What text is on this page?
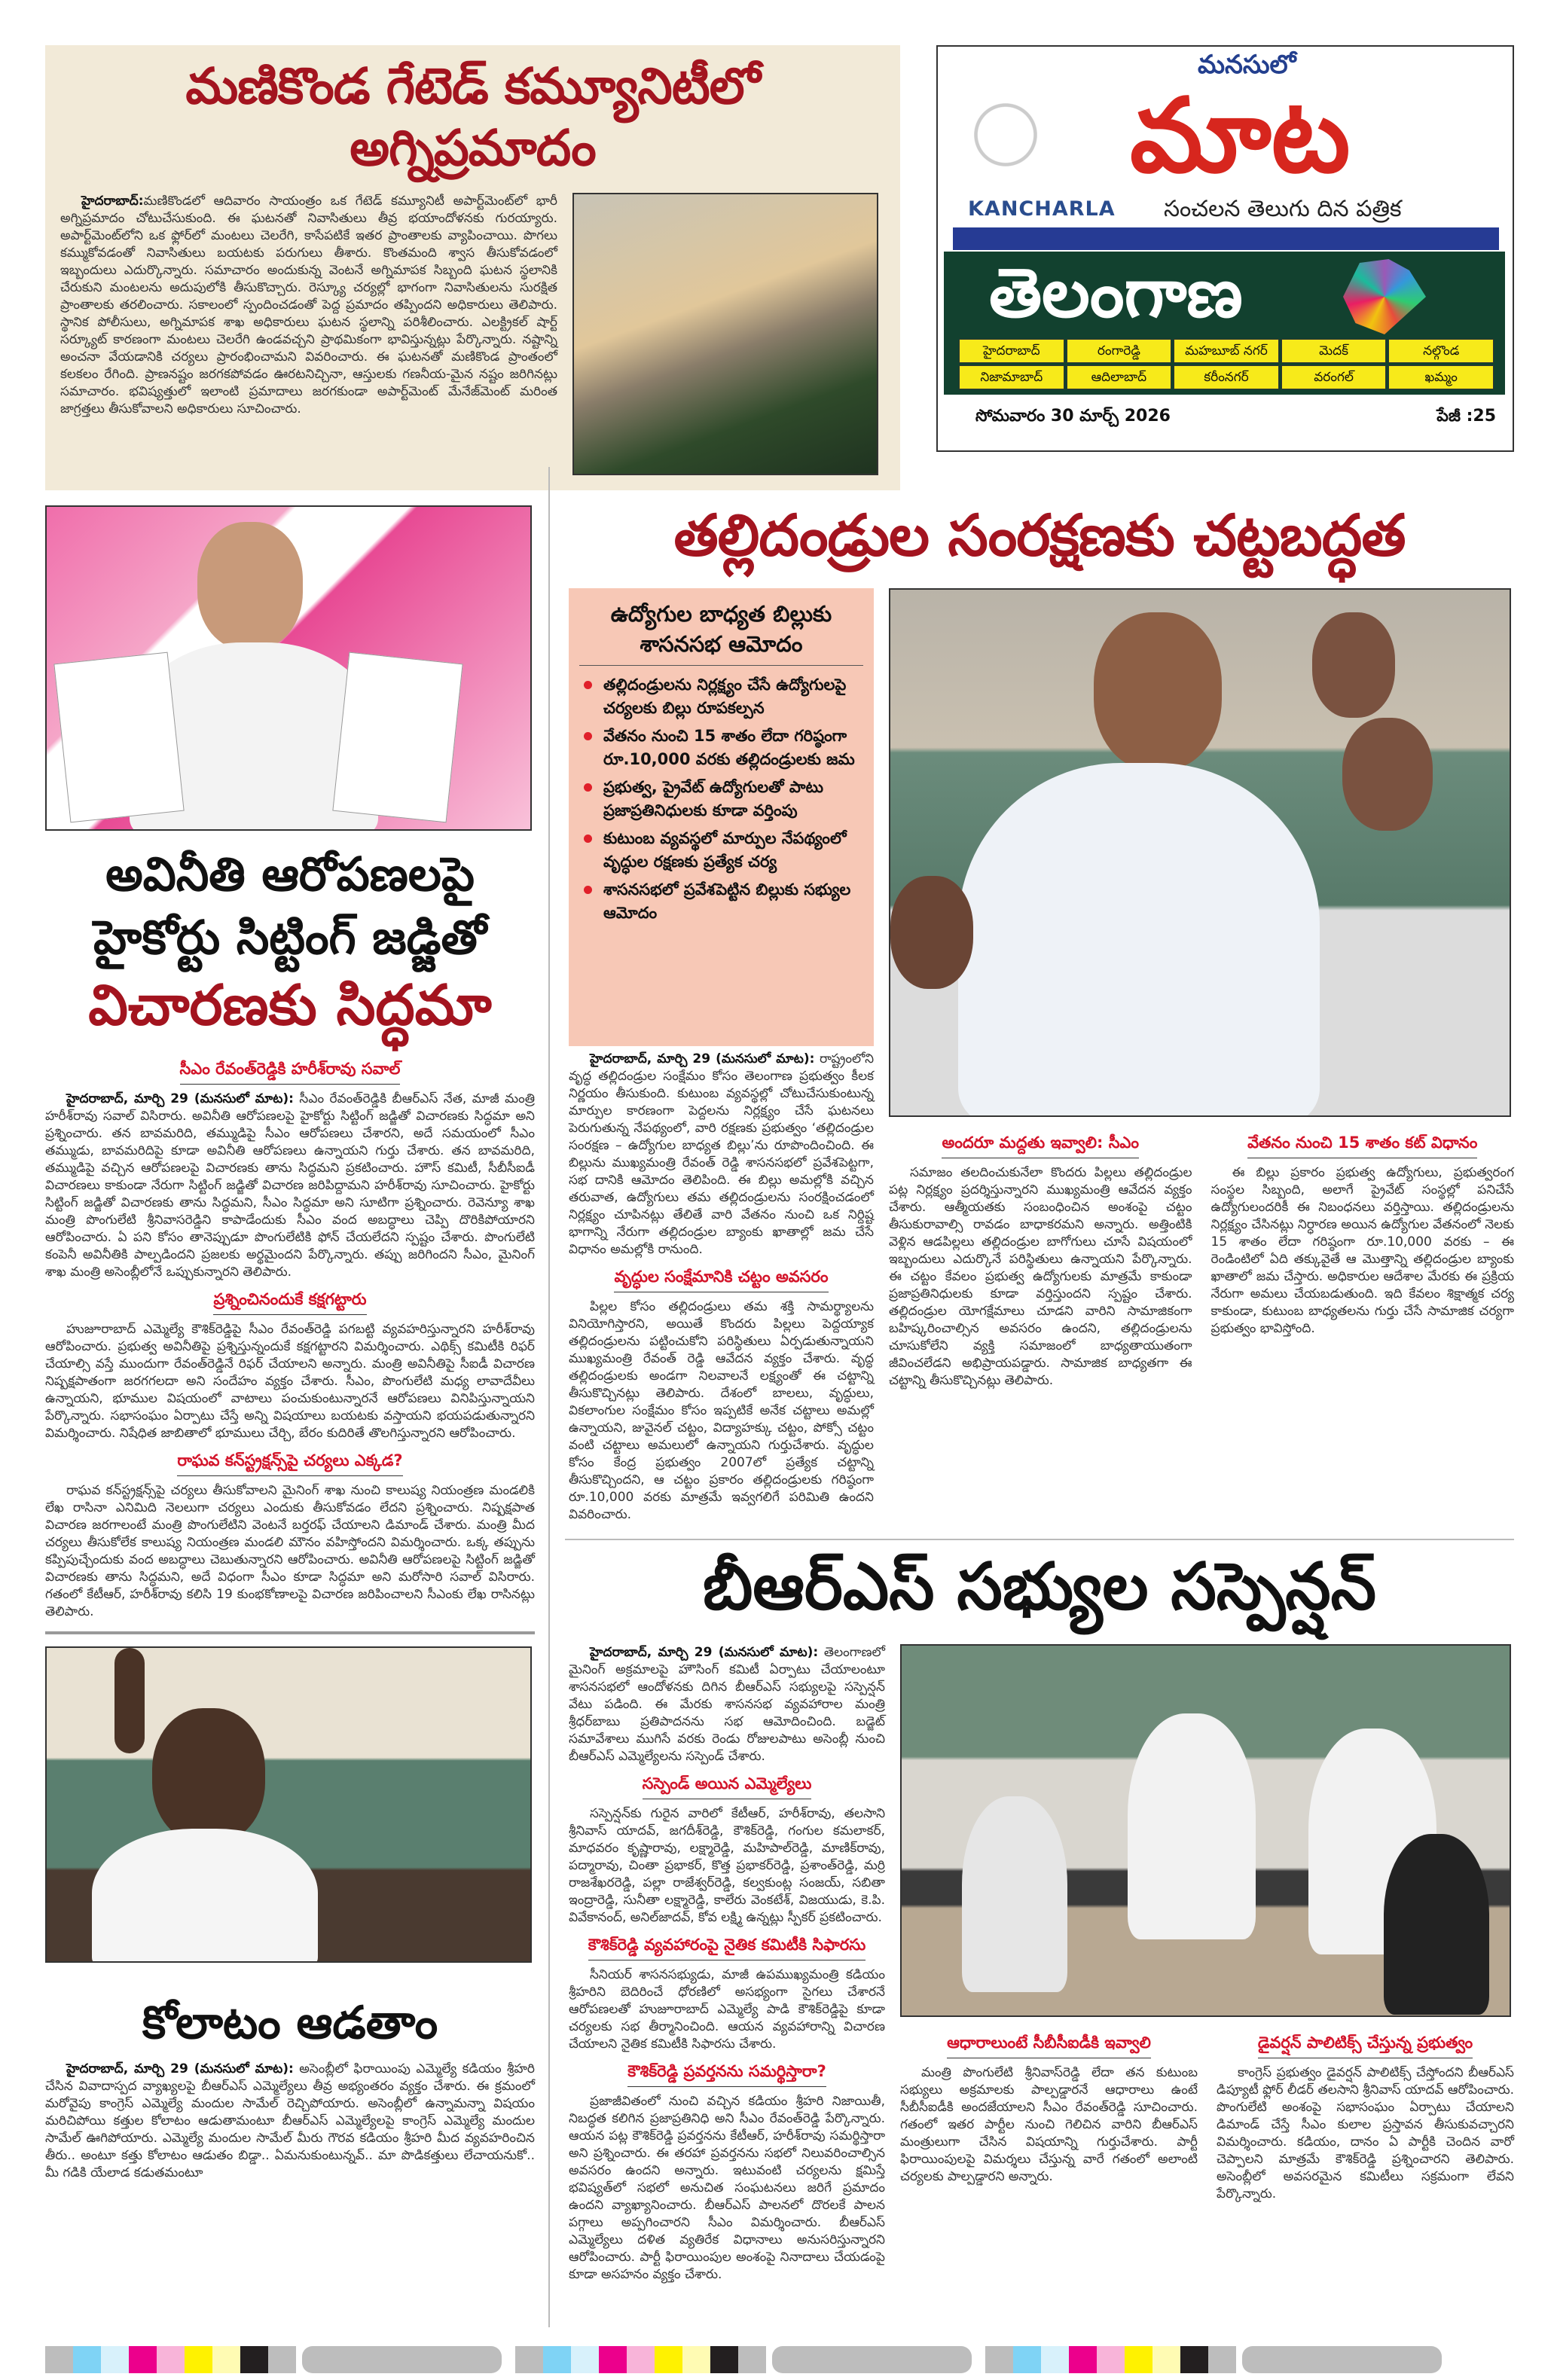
మణికొండ గేటెడ్ కమ్యూనిటీలో అగ్నిప్రమాదం

హైదరాబాద్:మణికొండలో ఆదివారం సాయంత్రం ఒక గేటెడ్ కమ్యూనిటీ అపార్ట్‌మెంట్‌లో భారీ అగ్నిప్రమాదం చోటుచేసుకుంది. ఈ ఘటనతో నివాసితులు తీవ్ర భయాందోళనకు గురయ్యారు. అపార్ట్‌మెంట్‌లోని ఒక ఫ్లోర్‌లో మంటలు చెలరేగి, కాసేపటికే ఇతర ప్రాంతాలకు వ్యాపించాయి. పొగలు కమ్ముకోవడంతో నివాసితులు బయటకు పరుగులు తీశారు. కొంతమంది శ్వాస తీసుకోవడంలో ఇబ్బందులు ఎదుర్కొన్నారు. సమాచారం అందుకున్న వెంటనే అగ్నిమాపక సిబ్బంది ఘటన స్థలానికి చేరుకుని మంటలను అదుపులోకి తీసుకొచ్చారు. రెస్క్యూ చర్యల్లో భాగంగా నివాసితులను సురక్షిత ప్రాంతాలకు తరలించారు. సకాలంలో స్పందించడంతో పెద్ద ప్రమాదం తప్పిందని అధికారులు తెలిపారు. స్థానిక పోలీసులు, అగ్నిమాపక శాఖ అధికారులు ఘటన స్థలాన్ని పరిశీలించారు. ఎలక్ట్రికల్ షార్ట్ సర్క్యూట్ కారణంగా మంటలు చెలరేగి ఉండవచ్చని ప్రాథమికంగా భావిస్తున్నట్లు పేర్కొన్నారు. నష్టాన్ని అంచనా వేయడానికి చర్యలు ప్రారంభించామని వివరించారు. ఈ ఘటనతో మణికొండ ప్రాంతంలో కలకలం రేగింది. ప్రాణనష్టం జరగకపోవడం ఊరటనిచ్చినా, ఆస్తులకు గణనీయ-మైన నష్టం జరిగినట్లు సమాచారం. భవిష్యత్తులో ఇలాంటి ప్రమాదాలు జరగకుండా అపార్ట్‌మెంట్ మేనేజ్‌మెంట్ మరింత జాగ్రత్తలు తీసుకోవాలని అధికారులు సూచించారు.

మనసులో
మాట
KANCHARLA సంచలన తెలుగు దిన పత్రిక
తెలంగాణ
హైదరాబాద్	రంగారెడ్డి	మహబూబ్ నగర్	మెదక్	నల్గొండ
నిజామాబాద్	ఆదిలాబాద్	కరీంనగర్	వరంగల్	ఖమ్మం
సోమవారం 30 మార్చ్ 2026	పేజీ :25
అవినీతి ఆరోపణలపై
హైకోర్టు సిట్టింగ్ జడ్జితో
విచారణకు సిద్ధమా
సీఎం రేవంత్‌రెడ్డికి హరీశ్‌రావు సవాల్

హైదరాబాద్, మార్చి 29 (మనసులో మాట): సీఎం రేవంత్‌రెడ్డికి బీఆర్‌ఎస్ నేత, మాజీ మంత్రి హరీశ్‌రావు సవాల్ విసిరారు. అవినీతి ఆరోపణలపై హైకోర్టు సిట్టింగ్ జడ్జితో విచారణకు సిద్ధమా అని ప్రశ్నించారు. తన బావమరిది, తమ్ముడిపై సీఎం ఆరోపణలు చేశారని, అదే సమయంలో సీఎం తమ్ముడు, బావమరిదిపై కూడా అవినీతి ఆరోపణలు ఉన్నాయని గుర్తు చేశారు. తన బావమరిది, తమ్ముడిపై వచ్చిన ఆరోపణలపై విచారణకు తాను సిద్ధమని ప్రకటించారు. హౌస్ కమిటీ, సీబీసీఐడీ విచారణలు కాకుండా నేరుగా సిట్టింగ్ జడ్జితో విచారణ జరిపిద్దామని హరీశ్‌రావు సూచించారు. హైకోర్టు సిట్టింగ్ జడ్జితో విచారణకు తాను సిద్ధమని, సీఎం సిద్ధమా అని సూటిగా ప్రశ్నించారు. రెవెన్యూ శాఖ మంత్రి పొంగులేటి శ్రీనివాసరెడ్డిని కాపాడేందుకు సీఎం వంద అబద్ధాలు చెప్పి దొరికిపోయారని ఆరోపించారు. ఏ పని కోసం తానెప్పుడూ పొంగులేటికి ఫోన్ చేయలేదని స్పష్టం చేశారు. పొంగులేటి కంపెనీ అవినీతికి పాల్పడిందని ప్రజలకు అర్థమైందని పేర్కొన్నారు. తప్పు జరిగిందని సీఎం, మైనింగ్ శాఖ మంత్రి అసెంబ్లీలోనే ఒప్పుకున్నారని తెలిపారు.

ప్రశ్నించినందుకే కక్షగట్టారు

హుజూరాబాద్ ఎమ్మెల్యే కౌశిక్‌రెడ్డిపై సీఎం రేవంత్‌రెడ్డి పగబట్టి వ్యవహరిస్తున్నారని హరీశ్‌రావు ఆరోపించారు. ప్రభుత్వ అవినీతిపై ప్రశ్నిస్తున్నందుకే కక్షగట్టారని విమర్శించారు. ఎథిక్స్ కమిటీకి రిఫర్ చేయాల్సి వస్తే ముందుగా రేవంత్‌రెడ్డినే రిఫర్ చేయాలని అన్నారు. మంత్రి అవినీతిపై సీఐడీ విచారణ నిష్పక్షపాతంగా జరగగలదా అని సందేహం వ్యక్తం చేశారు. సీఎం, పొంగులేటి మధ్య లావాదేవీలు ఉన్నాయని, భూముల విషయంలో వాటాలు పంచుకుంటున్నారనే ఆరోపణలు వినిపిస్తున్నాయని పేర్కొన్నారు. సభాసంఘం ఏర్పాటు చేస్తే అన్ని విషయాలు బయటకు వస్తాయని భయపడుతున్నారని విమర్శించారు. నిషేధిత జాబితాలో భూములు చేర్చి, బేరం కుదిరితే తొలగిస్తున్నారని ఆరోపించారు.

రాఘవ కన్‌స్ట్రక్షన్స్‌పై చర్యలు ఎక్కడ?

రాఘవ కన్‌స్ట్రక్షన్స్‌పై చర్యలు తీసుకోవాలని మైనింగ్ శాఖ నుంచి కాలుష్య నియంత్రణ మండలికి లేఖ రాసినా ఎనిమిది నెలలుగా చర్యలు ఎందుకు తీసుకోవడం లేదని ప్రశ్నించారు. నిష్పక్షపాత విచారణ జరగాలంటే మంత్రి పొంగులేటిని వెంటనే బర్తరఫ్ చేయాలని డిమాండ్ చేశారు. మంత్రి మీద చర్యలు తీసుకోలేక కాలుష్య నియంత్రణ మండలి మౌనం వహిస్తోందని విమర్శించారు. ఒక్క తప్పును కప్పిపుచ్చేందుకు వంద అబద్ధాలు చెబుతున్నారని ఆరోపించారు. అవినీతి ఆరోపణలపై సిట్టింగ్ జడ్జితో విచారణకు తాను సిద్ధమని, అదే విధంగా సీఎం కూడా సిద్ధమా అని మరోసారి సవాల్ విసిరారు. గతంలో కేటీఆర్, హరీశ్‌రావు కలిసి 19 కుంభకోణాలపై విచారణ జరిపించాలని సీఎంకు లేఖ రాసినట్లు తెలిపారు.

కోలాటం ఆడతాం

హైదరాబాద్, మార్చి 29 (మనసులో మాట): అసెంబ్లీలో ఫిరాయింపు ఎమ్మెల్యే కడియం శ్రీహరి చేసిన వివాదాస్పద వ్యాఖ్యలపై బీఆర్‌ఎస్ ఎమ్మెల్యేలు తీవ్ర అభ్యంతరం వ్యక్తం చేశారు. ఈ క్రమంలో మరోవైపు కాంగ్రెస్ ఎమ్మెల్యే మందుల సామేల్ రెచ్చిపోయారు. అసెంబ్లీలో ఉన్నామన్నా విషయం మరిచిపోయి కత్తుల కోలాటం ఆడుతామంటూ బీఆర్‌ఎస్ ఎమ్మెల్యేలపై కాంగ్రెస్ ఎమ్మెల్యే మందుల సామేల్ ఊగిపోయారు. ఎమ్మెల్యే మందుల సామేల్ మీరు గౌరవ కడియం శ్రీహరి మీద వ్యవహరించిన తీరు.. అంటూ కత్తు కోలాటం ఆడుతం బిడ్డా.. ఏమనుకుంటున్నవ్.. మా పొడికత్తులు లేచాయనుకో.. మీ గడికి యేలాడ కడుతమంటూ

తల్లిదండ్రుల సంరక్షణకు చట్టబద్ధత
ఉద్యోగుల బాధ్యత బిల్లుకు శాసనసభ ఆమోదం
తల్లిదండ్రులను నిర్లక్ష్యం చేసే ఉద్యోగులపై చర్యలకు బిల్లు రూపకల్పన
వేతనం నుంచి 15 శాతం లేదా గరిష్ఠంగా రూ.10,000 వరకు తల్లిదండ్రులకు జమ
ప్రభుత్వ, ప్రైవేట్ ఉద్యోగులతో పాటు ప్రజాప్రతినిధులకు కూడా వర్తింపు
కుటుంబ వ్యవస్థలో మార్పుల నేపథ్యంలో వృద్ధుల రక్షణకు ప్రత్యేక చర్య
శాసనసభలో ప్రవేశపెట్టిన బిల్లుకు సభ్యుల ఆమోదం

హైదరాబాద్, మార్చి 29 (మనసులో మాట): రాష్ట్రంలోని వృద్ధ తల్లిదండ్రుల సంక్షేమం కోసం తెలంగాణ ప్రభుత్వం కీలక నిర్ణయం తీసుకుంది. కుటుంబ వ్యవస్థల్లో చోటుచేసుకుంటున్న మార్పుల కారణంగా పెద్దలను నిర్లక్ష్యం చేసే ఘటనలు పెరుగుతున్న నేపథ్యంలో, వారి రక్షణకు ప్రభుత్వం ‘తల్లిదండ్రుల సంరక్షణ – ఉద్యోగుల బాధ్యత బిల్లు’ను రూపొందించింది. ఈ బిల్లును ముఖ్యమంత్రి రేవంత్ రెడ్డి శాసనసభలో ప్రవేశపెట్టగా, సభ దానికి ఆమోదం తెలిపింది. ఈ బిల్లు అమల్లోకి వచ్చిన తరువాత, ఉద్యోగులు తమ తల్లిదండ్రులను సంరక్షించడంలో నిర్లక్ష్యం చూపినట్లు తేలితే వారి వేతనం నుంచి ఒక నిర్దిష్ట భాగాన్ని నేరుగా తల్లిదండ్రుల బ్యాంకు ఖాతాల్లో జమ చేసే విధానం అమల్లోకి రానుంది.

వృద్ధుల సంక్షేమానికి చట్టం అవసరం

పిల్లల కోసం తల్లిదండ్రులు తమ శక్తి సామర్థ్యాలను వినియోగిస్తారని, అయితే కొందరు పిల్లలు పెద్దయ్యాక తల్లిదండ్రులను పట్టించుకోని పరిస్థితులు ఏర్పడుతున్నాయని ముఖ్యమంత్రి రేవంత్ రెడ్డి ఆవేదన వ్యక్తం చేశారు. వృద్ధ తల్లిదండ్రులకు అండగా నిలవాలనే లక్ష్యంతో ఈ చట్టాన్ని తీసుకొచ్చినట్లు తెలిపారు. దేశంలో బాలలు, వృద్ధులు, వికలాంగుల సంక్షేమం కోసం ఇప్పటికే అనేక చట్టాలు అమల్లో ఉన్నాయని, జువైనల్ చట్టం, విద్యాహక్కు చట్టం, పోక్సో చట్టం వంటి చట్టాలు అమలులో ఉన్నాయని గుర్తుచేశారు. వృద్ధుల కోసం కేంద్ర ప్రభుత్వం 2007లో ప్రత్యేక చట్టాన్ని తీసుకొచ్చిందని, ఆ చట్టం ప్రకారం తల్లిదండ్రులకు గరిష్ఠంగా రూ.10,000 వరకు మాత్రమే ఇవ్వగలిగే పరిమితి ఉందని వివరించారు.

అందరూ మద్దతు ఇవ్వాలి: సీఎం

సమాజం తలదించుకునేలా కొందరు పిల్లలు తల్లిదండ్రుల పట్ల నిర్లక్ష్యం ప్రదర్శిస్తున్నారని ముఖ్యమంత్రి ఆవేదన వ్యక్తం చేశారు. ఆత్మీయతకు సంబంధించిన అంశంపై చట్టం తీసుకురావాల్సి రావడం బాధాకరమని అన్నారు. అత్తింటికి వెళ్లిన ఆడపిల్లలు తల్లిదండ్రుల బాగోగులు చూసే విషయంలో ఇబ్బందులు ఎదుర్కొనే పరిస్థితులు ఉన్నాయని పేర్కొన్నారు. ఈ చట్టం కేవలం ప్రభుత్వ ఉద్యోగులకు మాత్రమే కాకుండా ప్రజాప్రతినిధులకు కూడా వర్తిస్తుందని స్పష్టం చేశారు. తల్లిదండ్రుల యోగక్షేమాలు చూడని వారిని సామాజికంగా బహిష్కరించాల్సిన అవసరం ఉందని, తల్లిదండ్రులను చూసుకోలేని వ్యక్తి సమాజంలో బాధ్యతాయుతంగా జీవించలేడని అభిప్రాయపడ్డారు. సామాజిక బాధ్యతగా ఈ చట్టాన్ని తీసుకొచ్చినట్లు తెలిపారు.

వేతనం నుంచి 15 శాతం కట్ విధానం

ఈ బిల్లు ప్రకారం ప్రభుత్వ ఉద్యోగులు, ప్రభుత్వరంగ సంస్థల సిబ్బంది, అలాగే ప్రైవేట్ సంస్థల్లో పనిచేసే ఉద్యోగులందరికీ ఈ నిబంధనలు వర్తిస్తాయి. తల్లిదండ్రులను నిర్లక్ష్యం చేసినట్లు నిర్ధారణ అయిన ఉద్యోగుల వేతనంలో నెలకు 15 శాతం లేదా గరిష్ఠంగా రూ.10,000 వరకు – ఈ రెండింటిలో ఏది తక్కువైతే ఆ మొత్తాన్ని తల్లిదండ్రుల బ్యాంకు ఖాతాలో జమ చేస్తారు. అధికారుల ఆదేశాల మేరకు ఈ ప్రక్రియ నేరుగా అమలు చేయబడుతుంది. ఇది కేవలం శిక్షాత్మక చర్య కాకుండా, కుటుంబ బాధ్యతలను గుర్తు చేసే సామాజిక చర్యగా ప్రభుత్వం భావిస్తోంది.

బీఆర్ఎస్ సభ్యుల సస్పెన్షన్

హైదరాబాద్, మార్చి 29 (మనసులో మాట): తెలంగాణలో మైనింగ్ అక్రమాలపై హౌసింగ్ కమిటీ ఏర్పాటు చేయాలంటూ శాసనసభలో ఆందోళనకు దిగిన బీఆర్‌ఎస్ సభ్యులపై సస్పెన్షన్ వేటు పడింది. ఈ మేరకు శాసనసభ వ్యవహారాల మంత్రి శ్రీధర్‌బాబు ప్రతిపాదనను సభ ఆమోదించింది. బడ్జెట్ సమావేశాలు ముగిసే వరకు రెండు రోజులపాటు అసెంబ్లీ నుంచి బీఆర్‌ఎస్ ఎమ్మెల్యేలను సస్పెండ్ చేశారు.

సస్పెండ్ అయిన ఎమ్మెల్యేలు

సస్పెన్షన్‌కు గురైన వారిలో కేటీఆర్, హరీశ్‌రావు, తలసాని శ్రీనివాస్ యాదవ్, జగదీశ్‌రెడ్డి, కౌశిక్‌రెడ్డి, గంగుల కమలాకర్, మాధవరం కృష్ణారావు, లక్ష్మారెడ్డి, మహిపాల్‌రెడ్డి, మాణిక్‌రావు, పద్మారావు, చింతా ప్రభాకర్, కొత్త ప్రభాకర్‌రెడ్డి, ప్రశాంత్‌రెడ్డి, మర్రి రాజశేఖరరెడ్డి, పల్లా రాజేశ్వర్‌రెడ్డి, కల్వకుంట్ల సంజయ్, సబితా ఇంద్రారెడ్డి, సునీతా లక్ష్మారెడ్డి, కాలేరు వెంకటేశ్, విజయుడు, కె.పి. వివేకానంద్, అనిల్‌జాదవ్, కోవ లక్ష్మి ఉన్నట్లు స్పీకర్ ప్రకటించారు.

కౌశిక్‌రెడ్డి వ్యవహారంపై నైతిక కమిటీకి సిఫారసు

సీనియర్ శాసనసభ్యుడు, మాజీ ఉపముఖ్యమంత్రి కడియం శ్రీహరిని బెదిరించే ధోరణిలో అసభ్యంగా సైగలు చేశారనే ఆరోపణలతో హుజూరాబాద్ ఎమ్మెల్యే పాడి కౌశిక్‌రెడ్డిపై కూడా చర్యలకు సభ తీర్మానించింది. ఆయన వ్యవహారాన్ని విచారణ చేయాలని నైతిక కమిటీకి సిఫారసు చేశారు.

కౌశిక్‌రెడ్డి ప్రవర్తనను సమర్థిస్తారా?

ప్రజాజీవితంలో నుంచి వచ్చిన కడియం శ్రీహరి నిజాయితీ, నిబద్ధత కలిగిన ప్రజాప్రతినిధి అని సీఎం రేవంత్‌రెడ్డి పేర్కొన్నారు. ఆయన పట్ల కౌశిక్‌రెడ్డి ప్రవర్తనను కేటీఆర్, హరీశ్‌రావు సమర్థిస్తారా అని ప్రశ్నించారు. ఈ తరహా ప్రవర్తనను సభలో నిలువరించాల్సిన అవసరం ఉందని అన్నారు. ఇటువంటి చర్యలను క్షమిస్తే భవిష్యత్‌లో సభలో అనుచిత సంఘటనలు జరిగే ప్రమాదం ఉందని వ్యాఖ్యానించారు. బీఆర్‌ఎస్ పాలనలో దొరలకే పాలన పగ్గాలు అప్పగించారని సీఎం విమర్శించారు. బీఆర్‌ఎస్ ఎమ్మెల్యేలు దళిత వ్యతిరేక విధానాలు అనుసరిస్తున్నారని ఆరోపించారు. పార్టీ ఫిరాయింపుల అంశంపై నినాదాలు చేయడంపై కూడా అసహనం వ్యక్తం చేశారు.

ఆధారాలుంటే సీబీసీఐడీకి ఇవ్వాలి

మంత్రి పొంగులేటి శ్రీనివాస్‌రెడ్డి లేదా తన కుటుంబ సభ్యులు అక్రమాలకు పాల్పడ్డారనే ఆధారాలు ఉంటే సీబీసీఐడీకి అందజేయాలని సీఎం రేవంత్‌రెడ్డి సూచించారు. గతంలో ఇతర పార్టీల నుంచి గెలిచిన వారిని బీఆర్‌ఎస్ మంత్రులుగా చేసిన విషయాన్ని గుర్తుచేశారు. పార్టీ ఫిరాయింపులపై విమర్శలు చేస్తున్న వారే గతంలో అలాంటి చర్యలకు పాల్పడ్డారని అన్నారు.

డైవర్షన్ పాలిటిక్స్ చేస్తున్న ప్రభుత్వం

కాంగ్రెస్ ప్రభుత్వం డైవర్షన్ పాలిటిక్స్ చేస్తోందని బీఆర్‌ఎస్ డిప్యూటీ ఫ్లోర్ లీడర్ తలసాని శ్రీనివాస్ యాదవ్ ఆరోపించారు. పొంగులేటి అంశంపై సభాసంఘం ఏర్పాటు చేయాలని డిమాండ్ చేస్తే సీఎం కులాల ప్రస్తావన తీసుకువచ్చారని విమర్శించారు. కడియం, దానం ఏ పార్టీకి చెందిన వారో చెప్పాలని మాత్రమే కౌశిక్‌రెడ్డి ప్రశ్నించారని తెలిపారు. అసెంబ్లీలో అవసరమైన కమిటీలు సక్రమంగా లేవని పేర్కొన్నారు.
